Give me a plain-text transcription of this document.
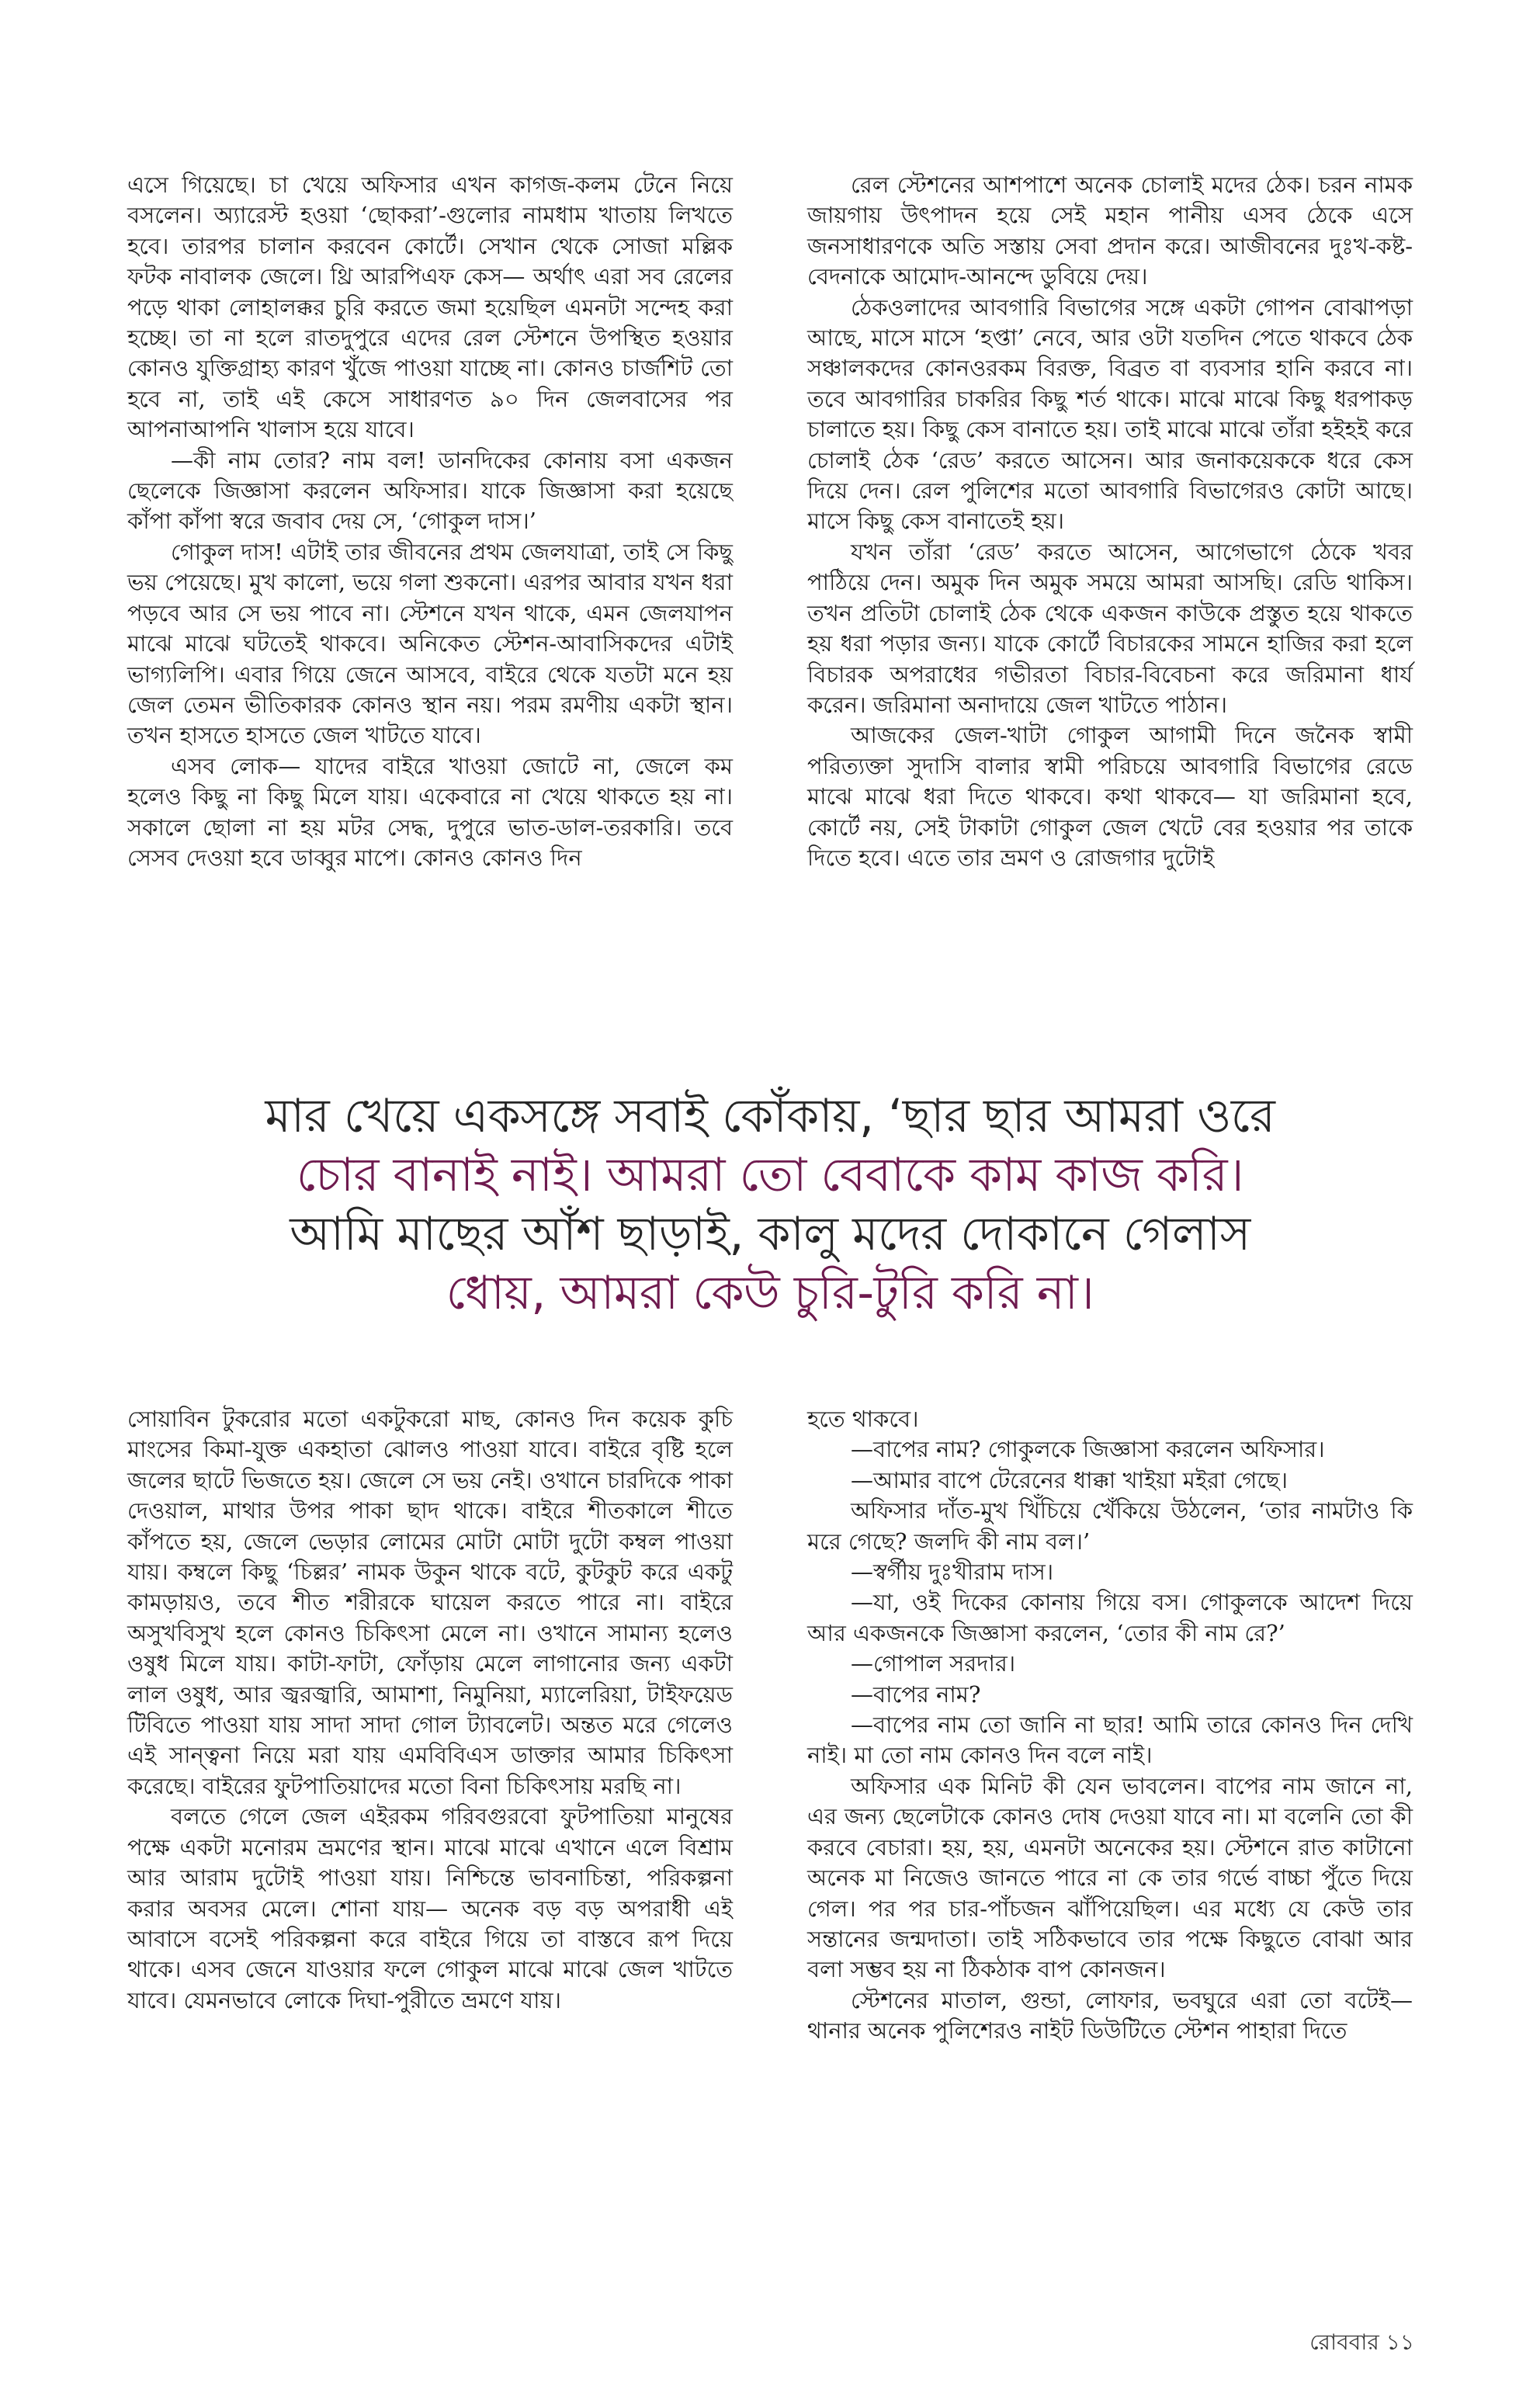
এসে গিয়েছে। চা খেয়ে অফিসার এখন কাগজ-কলম টেনে নিয়ে বসলেন। অ্যারেস্ট হওয়া ‘ছোকরা’-গুলোর নামধাম খাতায় লিখতে হবে। তারপর চালান করবেন কোর্টে। সেখান থেকে সোজা মল্লিক ফটক নাবালক জেলে। থ্রি আরপিএফ কেস— অর্থাৎ এরা সব রেলের পড়ে থাকা লোহালক্কর চুরি করতে জমা হয়েছিল এমনটা সন্দেহ করা হচ্ছে। তা না হলে রাতদুপুরে এদের রেল স্টেশনে উপস্থিত হওয়ার কোনও যুক্তিগ্রাহ্য কারণ খুঁজে পাওয়া যাচ্ছে না। কোনও চার্জশিট তো হবে না, তাই এই কেসে সাধারণত ৯০ দিন জেলবাসের পর আপনাআপনি খালাস হয়ে যাবে।

—কী নাম তোর? নাম বল! ডানদিকের কোনায় বসা একজন ছেলেকে জিজ্ঞাসা করলেন অফিসার। যাকে জিজ্ঞাসা করা হয়েছে কাঁপা কাঁপা স্বরে জবাব দেয় সে, ‘গোকুল দাস।’

গোকুল দাস! এটাই তার জীবনের প্রথম জেলযাত্রা, তাই সে কিছু ভয় পেয়েছে। মুখ কালো, ভয়ে গলা শুকনো। এরপর আবার যখন ধরা পড়বে আর সে ভয় পাবে না। স্টেশনে যখন থাকে, এমন জেলযাপন মাঝে মাঝে ঘটতেই থাকবে। অনিকেত স্টেশন-আবাসিকদের এটাই ভাগ্যলিপি। এবার গিয়ে জেনে আসবে, বাইরে থেকে যতটা মনে হয় জেল তেমন ভীতিকারক কোনও স্থান নয়। পরম রমণীয় একটা স্থান। তখন হাসতে হাসতে জেল খাটতে যাবে।

এসব লোক— যাদের বাইরে খাওয়া জোটে না, জেলে কম হলেও কিছু না কিছু মিলে যায়। একেবারে না খেয়ে থাকতে হয় না। সকালে ছোলা না হয় মটর সেদ্ধ, দুপুরে ভাত-ডাল-তরকারি। তবে সেসব দেওয়া হবে ডাব্বুর মাপে। কোনও কোনও দিন

রেল স্টেশনের আশপাশে অনেক চোলাই মদের ঠেক। চরন নামক জায়গায় উৎপাদন হয়ে সেই মহান পানীয় এসব ঠেকে এসে জনসাধারণকে অতি সস্তায় সেবা প্রদান করে। আজীবনের দুঃখ-কষ্ট-বেদনাকে আমোদ-আনন্দে ডুবিয়ে দেয়।

ঠেকওলাদের আবগারি বিভাগের সঙ্গে একটা গোপন বোঝাপড়া আছে, মাসে মাসে ‘হপ্তা’ নেবে, আর ওটা যতদিন পেতে থাকবে ঠেক সঞ্চালকদের কোনওরকম বিরক্ত, বিব্রত বা ব্যবসার হানি করবে না। তবে আবগারির চাকরির কিছু শর্ত থাকে। মাঝে মাঝে কিছু ধরপাকড় চালাতে হয়। কিছু কেস বানাতে হয়। তাই মাঝে মাঝে তাঁরা হইহই করে চোলাই ঠেক ‘রেড’ করতে আসেন। আর জনাকয়েককে ধরে কেস দিয়ে দেন। রেল পুলিশের মতো আবগারি বিভাগেরও কোটা আছে। মাসে কিছু কেস বানাতেই হয়।

যখন তাঁরা ‘রেড’ করতে আসেন, আগেভাগে ঠেকে খবর পাঠিয়ে দেন। অমুক দিন অমুক সময়ে আমরা আসছি। রেডি থাকিস। তখন প্রতিটা চোলাই ঠেক থেকে একজন কাউকে প্রস্তুত হয়ে থাকতে হয় ধরা পড়ার জন্য। যাকে কোর্টে বিচারকের সামনে হাজির করা হলে বিচারক অপরাধের গভীরতা বিচার-বিবেচনা করে জরিমানা ধার্য করেন। জরিমানা অনাদায়ে জেল খাটতে পাঠান।

আজকের জেল-খাটা গোকুল আগামী দিনে জনৈক স্বামী পরিত্যক্তা সুদাসি বালার স্বামী পরিচয়ে আবগারি বিভাগের রেডে মাঝে মাঝে ধরা দিতে থাকবে। কথা থাকবে— যা জরিমানা হবে, কোর্টে নয়, সেই টাকাটা গোকুল জেল খেটে বের হওয়ার পর তাকে দিতে হবে। এতে তার ভ্রমণ ও রোজগার দুটোই

মার খেয়ে একসঙ্গে সবাই কোঁকায়, ‘ছার ছার আমরা ওরে
চোর বানাই নাই। আমরা তো বেবাকে কাম কাজ করি।
আমি মাছের আঁশ ছাড়াই, কালু মদের দোকানে গেলাস
ধোয়, আমরা কেউ চুরি-টুরি করি না।

সোয়াবিন টুকরোর মতো একটুকরো মাছ, কোনও দিন কয়েক কুচি মাংসের কিমা-যুক্ত একহাতা ঝোলও পাওয়া যাবে। বাইরে বৃষ্টি হলে জলের ছাটে ভিজতে হয়। জেলে সে ভয় নেই। ওখানে চারদিকে পাকা দেওয়াল, মাথার উপর পাকা ছাদ থাকে। বাইরে শীতকালে শীতে কাঁপতে হয়, জেলে ভেড়ার লোমের মোটা মোটা দুটো কম্বল পাওয়া যায়। কম্বলে কিছু ‘চিল্লর’ নামক উকুন থাকে বটে, কুটকুট করে একটু কামড়ায়ও, তবে শীত শরীরকে ঘায়েল করতে পারে না। বাইরে অসুখবিসুখ হলে কোনও চিকিৎসা মেলে না। ওখানে সামান্য হলেও ওষুধ মিলে যায়। কাটা-ফাটা, ফোঁড়ায় মেলে লাগানোর জন্য একটা লাল ওষুধ, আর জ্বরজ্বারি, আমাশা, নিমুনিয়া, ম্যালেরিয়া, টাইফয়েড টিবিতে পাওয়া যায় সাদা সাদা গোল ট্যাবলেট। অন্তত মরে গেলেও এই সান্ত্বনা নিয়ে মরা যায় এমবিবিএস ডাক্তার আমার চিকিৎসা করেছে। বাইরের ফুটপাতিয়াদের মতো বিনা চিকিৎসায় মরছি না।

বলতে গেলে জেল এইরকম গরিবগুরবো ফুটপাতিয়া মানুষের পক্ষে একটা মনোরম ভ্রমণের স্থান। মাঝে মাঝে এখানে এলে বিশ্রাম আর আরাম দুটোই পাওয়া যায়। নিশ্চিন্তে ভাবনাচিন্তা, পরিকল্পনা করার অবসর মেলে। শোনা যায়— অনেক বড় বড় অপরাধী এই আবাসে বসেই পরিকল্পনা করে বাইরে গিয়ে তা বাস্তবে রূপ দিয়ে থাকে। এসব জেনে যাওয়ার ফলে গোকুল মাঝে মাঝে জেল খাটতে যাবে। যেমনভাবে লোকে দিঘা-পুরীতে ভ্রমণে যায়।

হতে থাকবে।

—বাপের নাম? গোকুলকে জিজ্ঞাসা করলেন অফিসার।

—আমার বাপে টেরেনের ধাক্কা খাইয়া মইরা গেছে।

অফিসার দাঁত-মুখ খিঁচিয়ে খেঁকিয়ে উঠলেন, ‘তার নামটাও কি মরে গেছে? জলদি কী নাম বল।’

—স্বর্গীয় দুঃখীরাম দাস।

—যা, ওই দিকের কোনায় গিয়ে বস। গোকুলকে আদেশ দিয়ে আর একজনকে জিজ্ঞাসা করলেন, ‘তোর কী নাম রে?’

—গোপাল সরদার।

—বাপের নাম?

—বাপের নাম তো জানি না ছার! আমি তারে কোনও দিন দেখি নাই। মা তো নাম কোনও দিন বলে নাই।

অফিসার এক মিনিট কী যেন ভাবলেন। বাপের নাম জানে না, এর জন্য ছেলেটাকে কোনও দোষ দেওয়া যাবে না। মা বলেনি তো কী করবে বেচারা। হয়, হয়, এমনটা অনেকের হয়। স্টেশনে রাত কাটানো অনেক মা নিজেও জানতে পারে না কে তার গর্ভে বাচ্চা পুঁতে দিয়ে গেল। পর পর চার-পাঁচজন ঝাঁপিয়েছিল। এর মধ্যে যে কেউ তার সন্তানের জন্মদাতা। তাই সঠিকভাবে তার পক্ষে কিছুতে বোঝা আর বলা সম্ভব হয় না ঠিকঠাক বাপ কোনজন।

স্টেশনের মাতাল, গুন্ডা, লোফার, ভবঘুরে এরা তো বটেই— থানার অনেক পুলিশেরও নাইট ডিউটিতে স্টেশন পাহারা দিতে

রোববার ১১
